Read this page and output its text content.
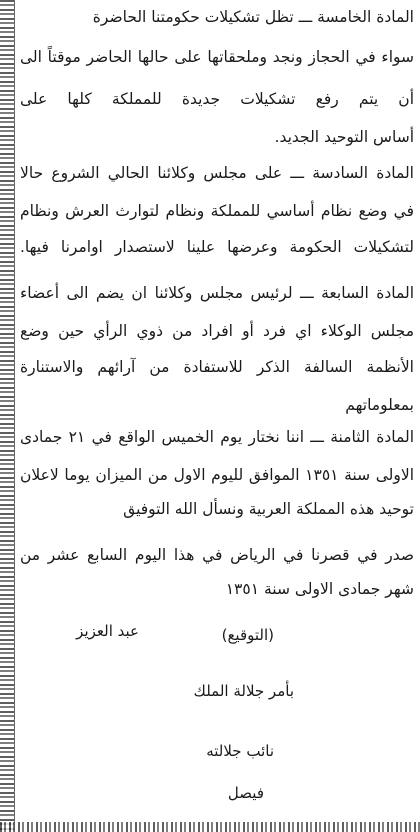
المادة الخامسة ـــ تظل تشكيلات حكومتنا الحاضرة
سواء في الحجاز ونجد وملحقاتها على حالها الحاضر موقتاً الى
أن يتم رفع تشكيلات جديدة للمملكة كلها على
أساس التوحيد الجديد.
المادة السادسة ـــ على مجلس وكلائنا الحالي الشروع حالا
في وضع نظام أساسي للمملكة ونظام لتوارث العرش ونظام
لتشكيلات الحكومة وعرضها علينا لاستصدار اوامرنا فيها.
المادة السابعة ـــ لرئيس مجلس وكلائنا ان يضم الى أعضاء
مجلس الوكلاء اي فرد أو افراد من ذوي الرأي حين وضع
الأنظمة السالفة الذكر للاستفادة من آرائهم والاستنارة
بمعلوماتهم
المادة الثامنة ـــ اننا نختار يوم الخميس الواقع في ٢١ جمادى
الاولى سنة ١٣٥١ الموافق لليوم الاول من الميزان يوما لاعلان
توحيد هذه المملكة العربية ونسأل الله التوفيق
صدر في قصرنا في الرياض في هذا اليوم السابع عشر من
شهر جمادى الاولى سنة ١٣٥١
(التوقيع)
عبد العزيز
بأمر جلالة الملك
نائب جلالته
فيصل
